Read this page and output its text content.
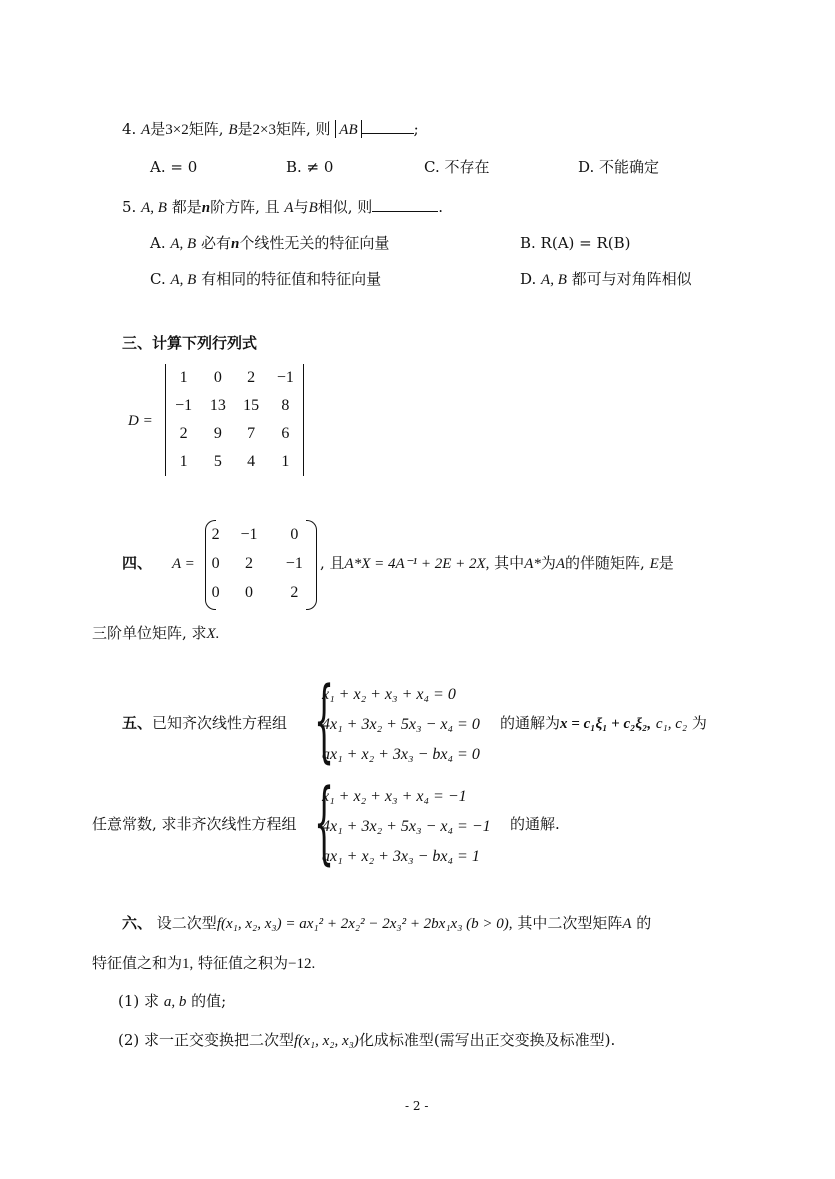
4. A是3×2矩阵, B是2×3矩阵, 则 AB	;
A. = 0	B. ≠ 0	C. 不存在	D. 不能确定
5. A, B 都是n阶方阵, 且 A与B相似, 则	.
A. A, B 必有n个线性无关的特征向量	B. R(A) = R(B)
C. A, B 有相同的特征值和特征向量	D. A, B 都可与对角阵相似
三、计算下列行列式
D =
1	0	2	−1
−1	13	15	8
2	9	7	6
1	5	4	1
四、 A =
2	−1	0
0	2	−1
0	0	2
, 且A*X = 4A⁻¹ + 2E + 2X, 其中A*为A的伴随矩阵, E是
三阶单位矩阵, 求X.
五、已知齐次线性方程组 {
x₁ + x₂ + x₃ + x₄ = 0
4x₁ + 3x₂ + 5x₃ − x₄ = 0
ax₁ + x₂ + 3x₃ − bx₄ = 0
的通解为x = c₁ξ₁ + c₂ξ₂, c₁, c₂ 为
任意常数, 求非齐次线性方程组 {
x₁ + x₂ + x₃ + x₄ = −1
4x₁ + 3x₂ + 5x₃ − x₄ = −1
ax₁ + x₂ + 3x₃ − bx₄ = 1
的通解.
六、 设二次型f(x₁, x₂, x₃) = ax₁² + 2x₂² − 2x₃² + 2bx₁x₃ (b > 0), 其中二次型矩阵A 的
特征值之和为1, 特征值之积为−12.
(1) 求 a, b 的值;
(2) 求一正交变换把二次型f(x₁, x₂, x₃)化成标准型(需写出正交变换及标准型).
- 2 -
